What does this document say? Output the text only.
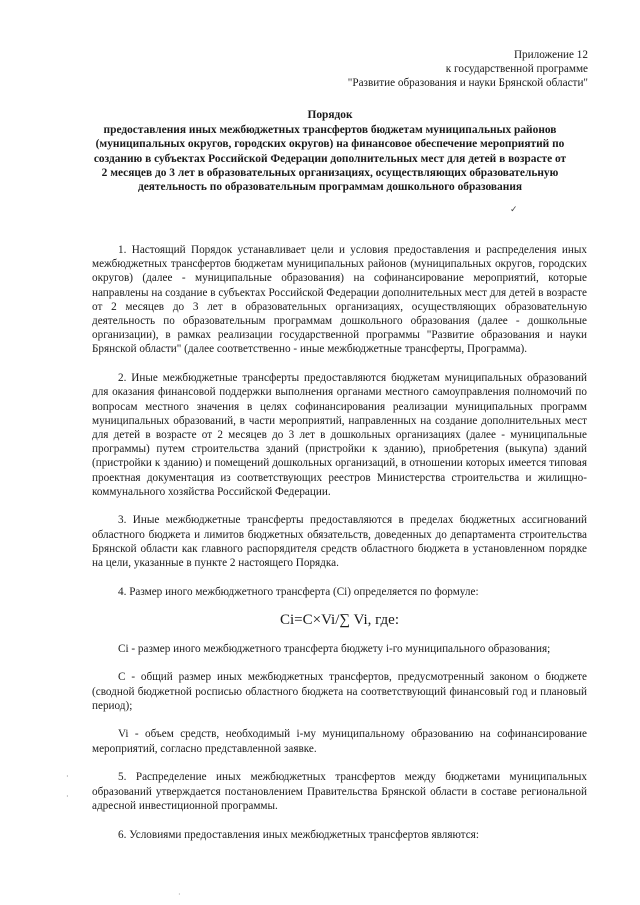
Приложение 12
к государственной программе
"Развитие образования и науки Брянской области"
Порядок
предоставления иных межбюджетных трансфертов бюджетам муниципальных районов (муниципальных округов, городских округов) на финансовое обеспечение мероприятий по созданию в субъектах Российской Федерации дополнительных мест для детей в возрасте от 2 месяцев до 3 лет в образовательных организациях, осуществляющих образовательную деятельность по образовательным программам дошкольного образования
✓

1. Настоящий Порядок устанавливает цели и условия предоставления и распределения иных межбюджетных трансфертов бюджетам муниципальных районов (муниципальных округов, городских округов) (далее - муниципальные образования) на софинансирование мероприятий, которые направлены на создание в субъектах Российской Федерации дополнительных мест для детей в возрасте от 2 месяцев до 3 лет в образовательных организациях, осуществляющих образовательную деятельность по образовательным программам дошкольного образования (далее - дошкольные организации), в рамках реализации государственной программы "Развитие образования и науки Брянской области" (далее соответственно - иные межбюджетные трансферты, Программа).

2. Иные межбюджетные трансферты предоставляются бюджетам муниципальных образований для оказания финансовой поддержки выполнения органами местного самоуправления полномочий по вопросам местного значения в целях софинансирования реализации муниципальных программ муниципальных образований, в части мероприятий, направленных на создание дополнительных мест для детей в возрасте от 2 месяцев до 3 лет в дошкольных организациях (далее - муниципальные программы) путем строительства зданий (пристройки к зданию), приобретения (выкупа) зданий (пристройки к зданию) и помещений дошкольных организаций, в отношении которых имеется типовая проектная документация из соответствующих реестров Министерства строительства и жилищно-коммунального хозяйства Российской Федерации.

3. Иные межбюджетные трансферты предоставляются в пределах бюджетных ассигнований областного бюджета и лимитов бюджетных обязательств, доведенных до департамента строительства Брянской области как главного распорядителя средств областного бюджета в установленном порядке на цели, указанные в пункте 2 настоящего Порядка.

4. Размер иного межбюджетного трансферта (Ci) определяется по формуле:

Ci=C×Vi/∑ Vi, где:

Ci - размер иного межбюджетного трансферта бюджету i-го муниципального образования;

С - общий размер иных межбюджетных трансфертов, предусмотренный законом о бюджете (сводной бюджетной росписью областного бюджета на соответствующий финансовый год и плановый период);

Vi - объем средств, необходимый i-му муниципальному образованию на софинансирование мероприятий, согласно представленной заявке.

5. Распределение иных межбюджетных трансфертов между бюджетами муниципальных образований утверждается постановлением Правительства Брянской области в составе региональной адресной инвестиционной программы.

6. Условиями предоставления иных межбюджетных трансфертов являются:

·
·
·
